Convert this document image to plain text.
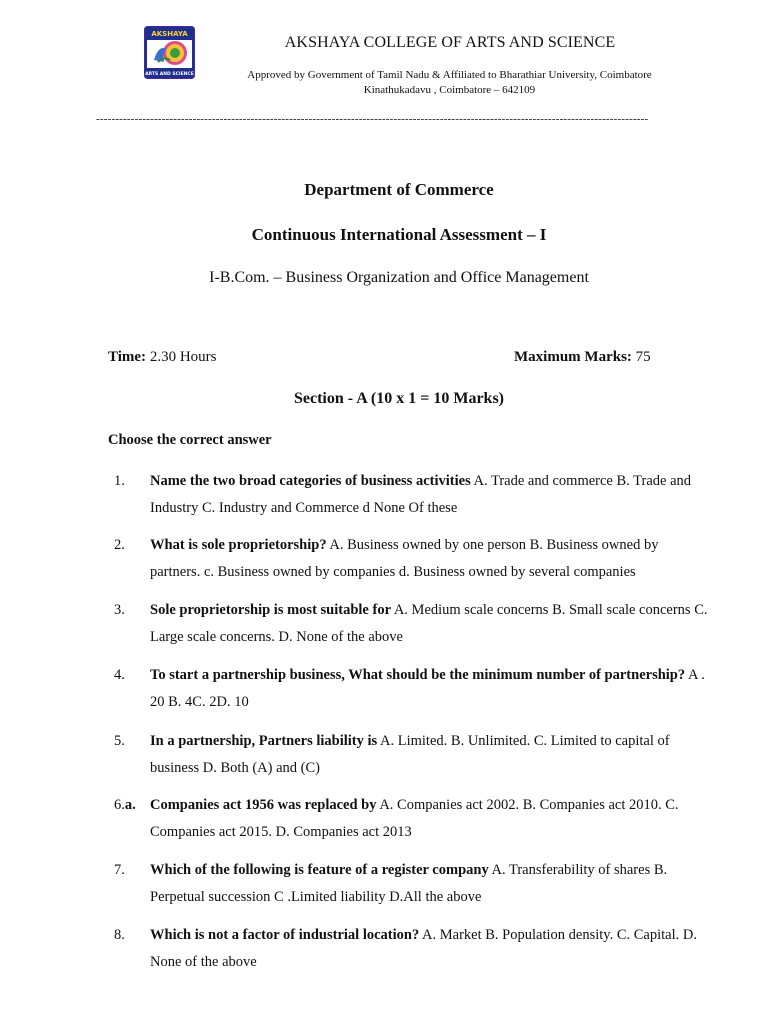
AKSHAYA
ARTS AND SCIENCE
AKSHAYA COLLEGE OF ARTS AND SCIENCE
Approved by Government of Tamil Nadu & Affiliated to Bharathiar University, Coimbatore
Kinathukadavu , Coimbatore – 642109
-----------------------------------------------------------------------------------------------------------------------------------------------
Department of Commerce
Continuous International Assessment – I
I-B.Com. – Business Organization and Office Management
Time: 2.30 Hours	Maximum Marks: 75
Section - A (10 x 1 = 10 Marks)
Choose the correct answer
1. Name the two broad categories of business activities A. Trade and commerce B. Trade and Industry C. Industry and Commerce d None Of these
2. What is sole proprietorship? A. Business owned by one person B. Business owned by partners. c. Business owned by companies d. Business owned by several companies
3. Sole proprietorship is most suitable for A. Medium scale concerns B. Small scale concerns C. Large scale concerns. D. None of the above
4. To start a partnership business, What should be the minimum number of partnership? A . 20 B. 4C. 2D. 10
5. In a partnership, Partners liability is A. Limited. B. Unlimited. C. Limited to capital of business D. Both (A) and (C)
6.a. Companies act 1956 was replaced by A. Companies act 2002. B. Companies act 2010. C. Companies act 2015. D. Companies act 2013
7. Which of the following is feature of a register company A. Transferability of shares B. Perpetual succession C .Limited liability D.All the above
8. Which is not a factor of industrial location? A. Market B. Population density. C. Capital. D. None of the above
